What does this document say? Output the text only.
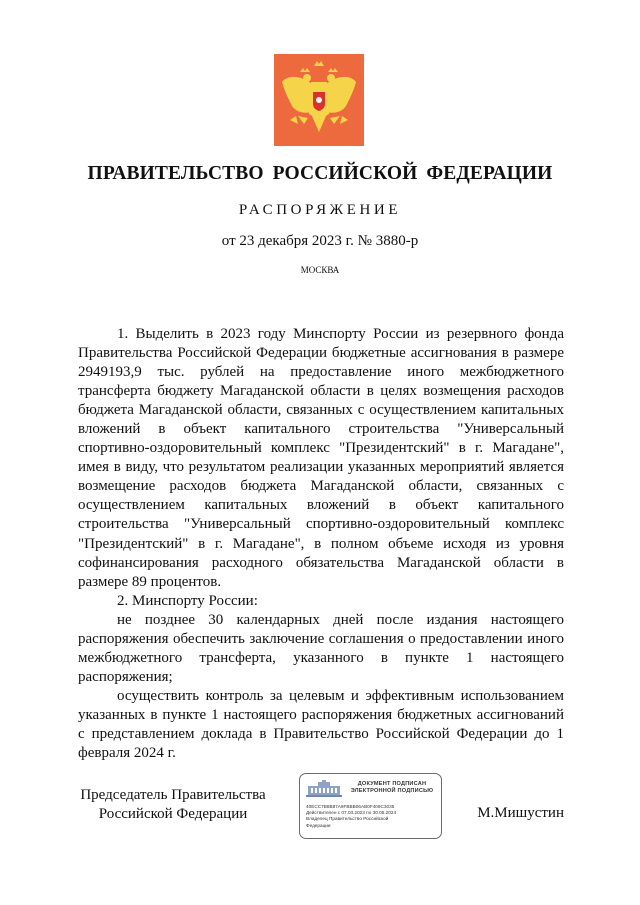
ПРАВИТЕЛЬСТВО РОССИЙСКОЙ ФЕДЕРАЦИИ
РАСПОРЯЖЕНИЕ
от 23 декабря 2023 г. № 3880-р
МОСКВА

1. Выделить в 2023 году Минспорту России из резервного фонда Правительства Российской Федерации бюджетные ассигнования в размере 2949193,9 тыс. рублей на предоставление иного межбюджетного трансферта бюджету Магаданской области в целях возмещения расходов бюджета Магаданской области, связанных с осуществлением капитальных вложений в объект капитального строительства "Универсальный спортивно-оздоровительный комплекс "Президентский" в г. Магадане", имея в виду, что результатом реализации указанных мероприятий является возмещение расходов бюджета Магаданской области, связанных с осуществлением капитальных вложений в объект капитального строительства "Универсальный спортивно-оздоровительный комплекс "Президентский" в г. Магадане", в полном объеме исходя из уровня софинансирования расходного обязательства Магаданской области в размере 89 процентов.

2. Минспорту России:

не позднее 30 календарных дней после издания настоящего распоряжения обеспечить заключение соглашения о предоставлении иного межбюджетного трансферта, указанного в пункте 1 настоящего распоряжения;

осуществить контроль за целевым и эффективным использованием указанных в пункте 1 настоящего распоряжения бюджетных ассигнований с представлением доклада в Правительство Российской Федерации до 1 февраля 2024 г.

Председатель Правительства
Российской Федерации
ДОКУМЕНТ ПОДПИСАН
ЭЛЕКТРОННОЙ ПОДПИСЬЮ
40ECC7B8B87A9FBBB06AB0F409C3035
Действителен с 07.03.2023 по 30.05.2024
Владелец Правительство Российской
Федерации
М.Мишустин
